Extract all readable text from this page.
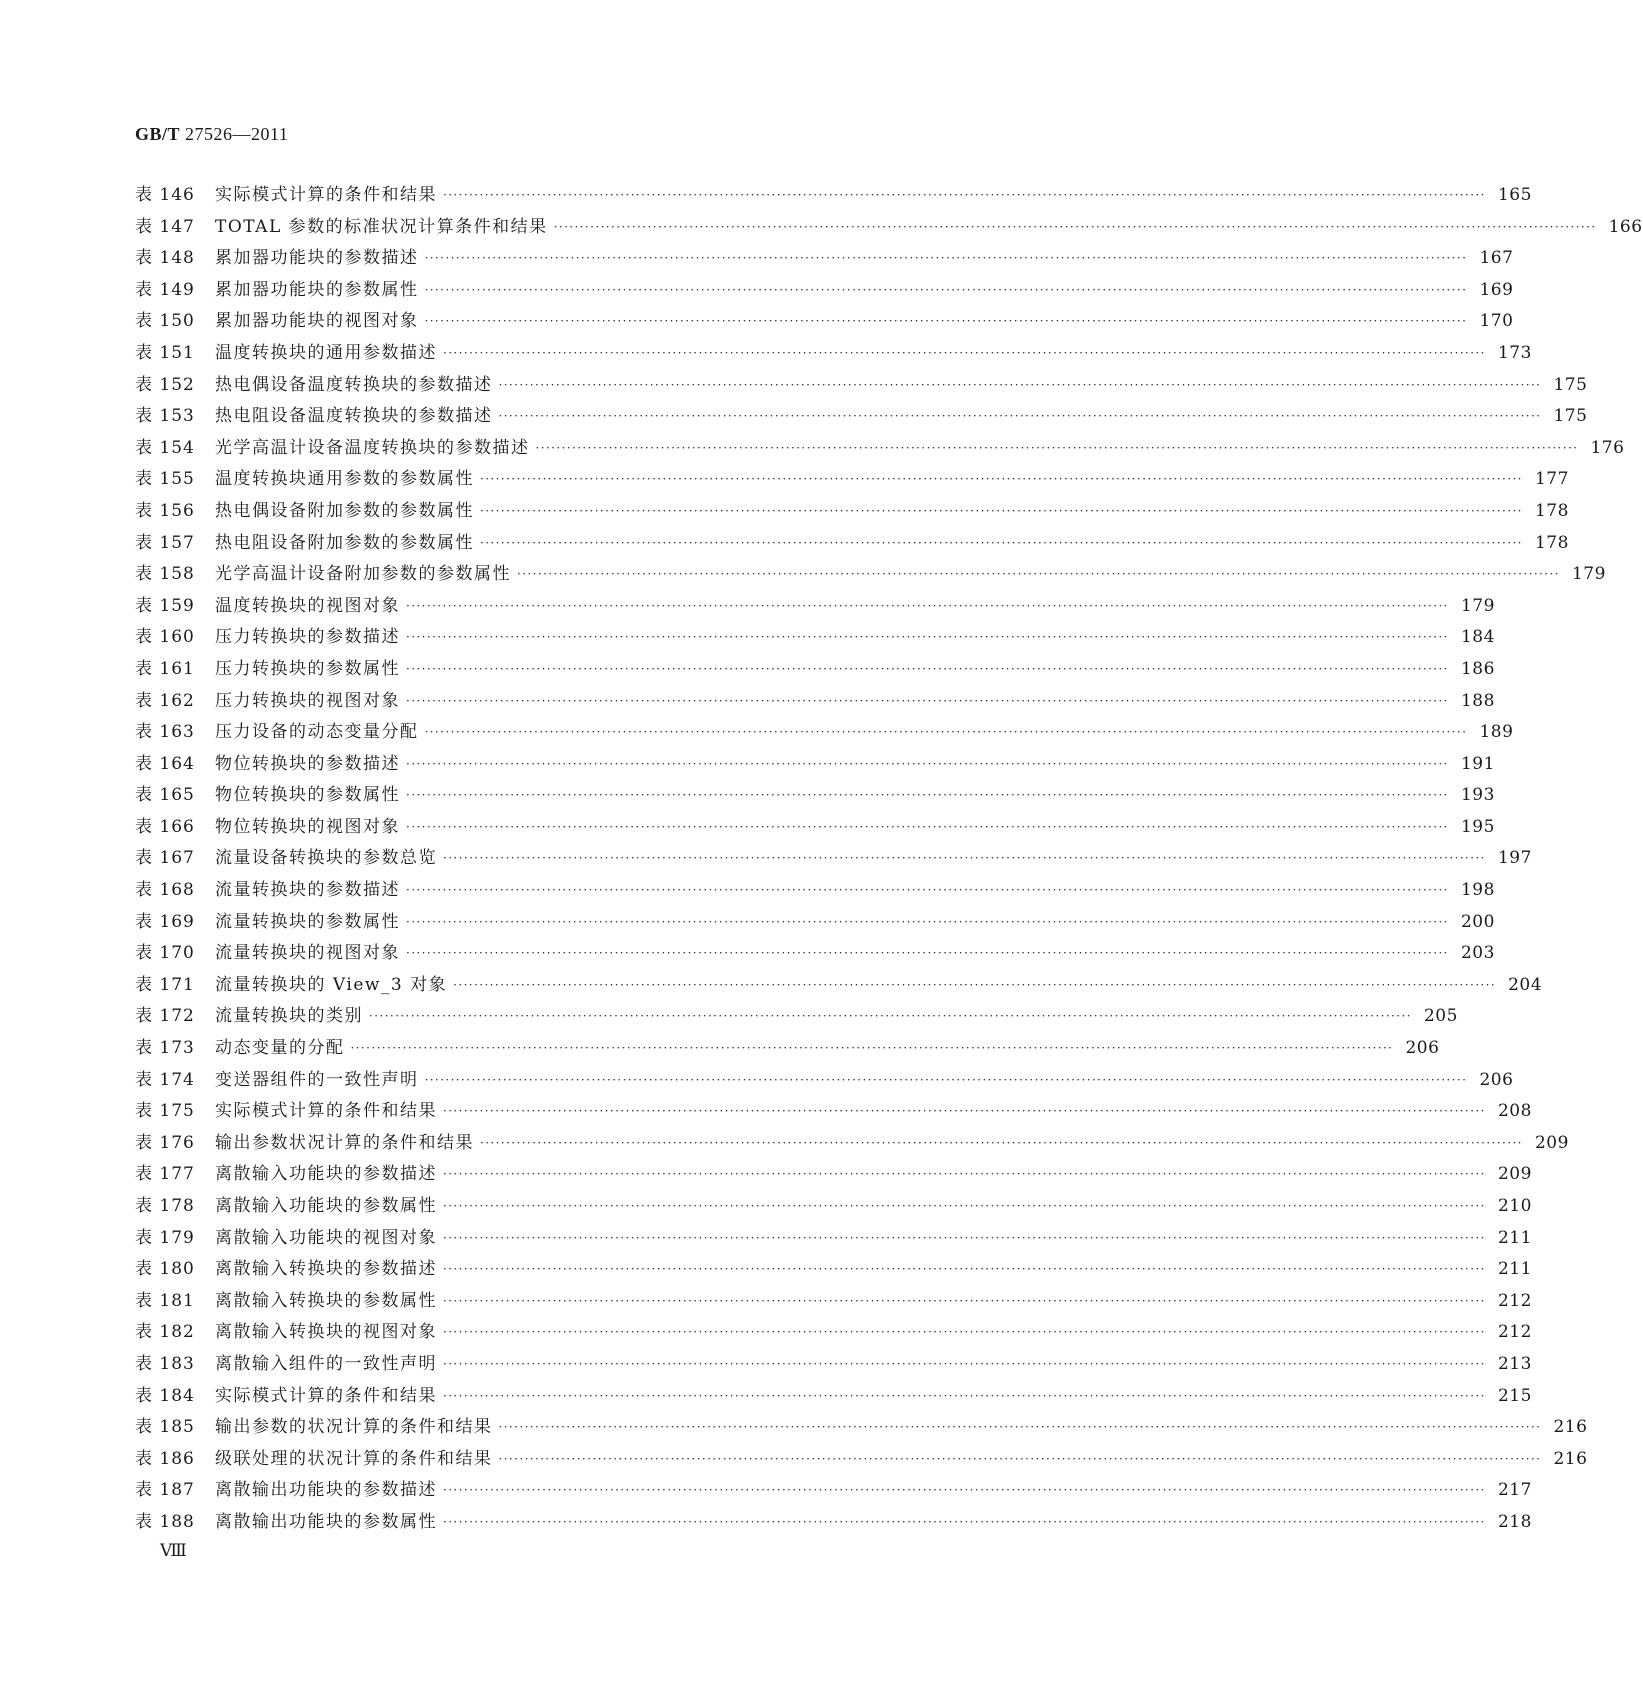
GB/T 27526—2011
表 146	实际模式计算的条件和结果 ········································································································································································································ 165
表 147	TOTAL 参数的标准状况计算条件和结果 ········································································································································································································ 166
表 148	累加器功能块的参数描述 ········································································································································································································ 167
表 149	累加器功能块的参数属性 ········································································································································································································ 169
表 150	累加器功能块的视图对象 ········································································································································································································ 170
表 151	温度转换块的通用参数描述 ········································································································································································································ 173
表 152	热电偶设备温度转换块的参数描述 ········································································································································································································ 175
表 153	热电阻设备温度转换块的参数描述 ········································································································································································································ 175
表 154	光学高温计设备温度转换块的参数描述 ········································································································································································································ 176
表 155	温度转换块通用参数的参数属性 ········································································································································································································ 177
表 156	热电偶设备附加参数的参数属性 ········································································································································································································ 178
表 157	热电阻设备附加参数的参数属性 ········································································································································································································ 178
表 158	光学高温计设备附加参数的参数属性 ········································································································································································································ 179
表 159	温度转换块的视图对象 ········································································································································································································ 179
表 160	压力转换块的参数描述 ········································································································································································································ 184
表 161	压力转换块的参数属性 ········································································································································································································ 186
表 162	压力转换块的视图对象 ········································································································································································································ 188
表 163	压力设备的动态变量分配 ········································································································································································································ 189
表 164	物位转换块的参数描述 ········································································································································································································ 191
表 165	物位转换块的参数属性 ········································································································································································································ 193
表 166	物位转换块的视图对象 ········································································································································································································ 195
表 167	流量设备转换块的参数总览 ········································································································································································································ 197
表 168	流量转换块的参数描述 ········································································································································································································ 198
表 169	流量转换块的参数属性 ········································································································································································································ 200
表 170	流量转换块的视图对象 ········································································································································································································ 203
表 171	流量转换块的 View_3 对象 ········································································································································································································ 204
表 172	流量转换块的类别 ········································································································································································································ 205
表 173	动态变量的分配 ········································································································································································································ 206
表 174	变送器组件的一致性声明 ········································································································································································································ 206
表 175	实际模式计算的条件和结果 ········································································································································································································ 208
表 176	输出参数状况计算的条件和结果 ········································································································································································································ 209
表 177	离散输入功能块的参数描述 ········································································································································································································ 209
表 178	离散输入功能块的参数属性 ········································································································································································································ 210
表 179	离散输入功能块的视图对象 ········································································································································································································ 211
表 180	离散输入转换块的参数描述 ········································································································································································································ 211
表 181	离散输入转换块的参数属性 ········································································································································································································ 212
表 182	离散输入转换块的视图对象 ········································································································································································································ 212
表 183	离散输入组件的一致性声明 ········································································································································································································ 213
表 184	实际模式计算的条件和结果 ········································································································································································································ 215
表 185	输出参数的状况计算的条件和结果 ········································································································································································································ 216
表 186	级联处理的状况计算的条件和结果 ········································································································································································································ 216
表 187	离散输出功能块的参数描述 ········································································································································································································ 217
表 188	离散输出功能块的参数属性 ········································································································································································································ 218
Ⅷ
